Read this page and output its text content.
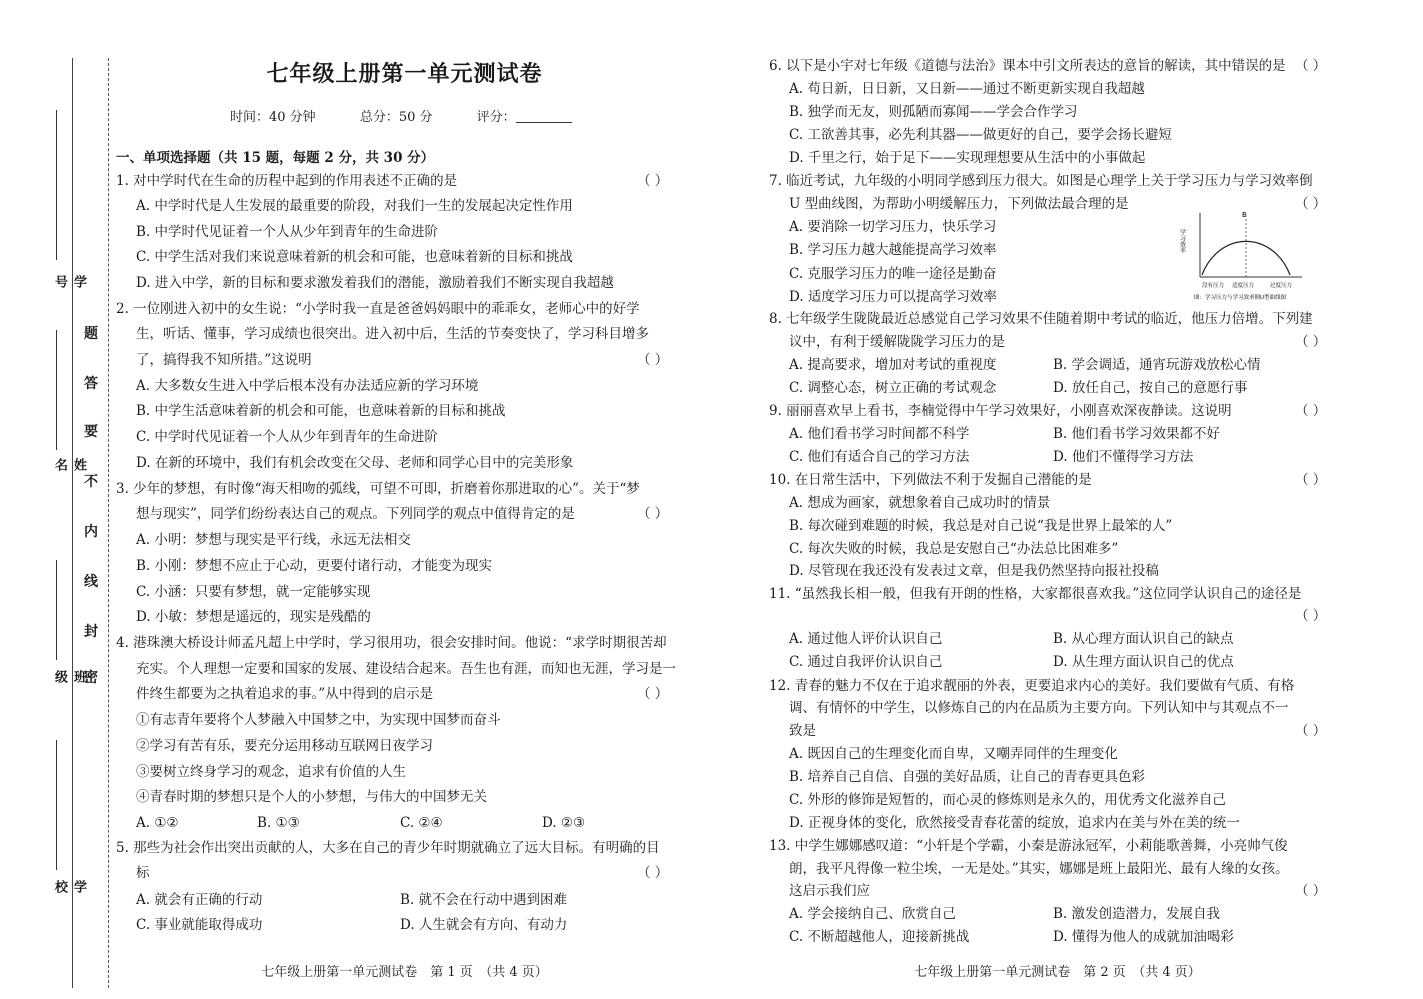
学号
姓名
班级
学校
题
答
要
不
内
线
封
密
七年级上册第一单元测试卷
时间：40 分钟	总分：50 分	评分：
一、单项选择题（共 15 题，每题 2 分，共 30 分）
1. 对中学时代在生命的历程中起到的作用表述不正确的是
A. 中学时代是人生发展的最重要的阶段，对我们一生的发展起决定性作用
B. 中学时代见证着一个人从少年到青年的生命进阶
C. 中学生活对我们来说意味着新的机会和可能，也意味着新的目标和挑战
D. 进入中学，新的目标和要求激发着我们的潜能，激励着我们不断实现自我超越
2. 一位刚进入初中的女生说：“小学时我一直是爸爸妈妈眼中的乖乖女，老师心中的好学
生，听话、懂事，学习成绩也很突出。进入初中后，生活的节奏变快了，学习科目增多
了，搞得我不知所措。”这说明
A. 大多数女生进入中学后根本没有办法适应新的学习环境
B. 中学生活意味着新的机会和可能，也意味着新的目标和挑战
C. 中学时代见证着一个人从少年到青年的生命进阶
D. 在新的环境中，我们有机会改变在父母、老师和同学心目中的完美形象
3. 少年的梦想，有时像“海天相吻的弧线，可望不可即，折磨着你那进取的心”。关于“梦
想与现实”，同学们纷纷表达自己的观点。下列同学的观点中值得肯定的是
A. 小明：梦想与现实是平行线，永远无法相交
B. 小刚：梦想不应止于心动，更要付诸行动，才能变为现实
C. 小涵：只要有梦想，就一定能够实现
D. 小敏：梦想是遥远的，现实是残酷的
4. 港珠澳大桥设计师孟凡超上中学时，学习很用功，很会安排时间。他说：“求学时期很苦却
充实。个人理想一定要和国家的发展、建设结合起来。吾生也有涯，而知也无涯，学习是一
件终生都要为之执着追求的事。”从中得到的启示是
①有志青年要将个人梦融入中国梦之中，为实现中国梦而奋斗
②学习有苦有乐，要充分运用移动互联网日夜学习
③要树立终身学习的观念，追求有价值的人生
④青春时期的梦想只是个人的小梦想，与伟大的中国梦无关
5. 那些为社会作出突出贡献的人，大多在自己的青少年时期就确立了远大目标。有明确的目
标
A. ①②	B. ①③	C. ②④	D. ②③
A. 就会有正确的行动	B. 就不会在行动中遇到困难
C. 事业就能取得成功	D. 人生就会有方向、有动力
（ ）
（ ）
（ ）
（ ）
（ ）
七年级上册第一单元测试卷　第 1 页　（共 4 页）
6. 以下是小宇对七年级《道德与法治》课本中引文所表达的意旨的解读，其中错误的是
A. 苟日新，日日新，又日新——通过不断更新实现自我超越
B. 独学而无友，则孤陋而寡闻——学会合作学习
C. 工欲善其事，必先利其器——做更好的自己，要学会扬长避短
D. 千里之行，始于足下——实现理想要从生活中的小事做起
7. 临近考试，九年级的小明同学感到压力很大。如图是心理学上关于学习压力与学习效率倒
U 型曲线图，为帮助小明缓解压力，下列做法最合理的是
A. 要消除一切学习压力，快乐学习
B. 学习压力越大越能提高学习效率
C. 克服学习压力的唯一途径是勤奋
D. 适度学习压力可以提高学习效率
8. 七年级学生陇陇最近总感觉自己学习效果不佳随着期中考试的临近，他压力倍增。下列建
议中，有利于缓解陇陇学习压力的是
9. 丽丽喜欢早上看书，李楠觉得中午学习效果好，小刚喜欢深夜静读。这说明
10. 在日常生活中，下列做法不利于发掘自己潜能的是
A. 想成为画家，就想象着自己成功时的情景
B. 每次碰到难题的时候，我总是对自己说“我是世界上最笨的人”
C. 每次失败的时候，我总是安慰自己“办法总比困难多”
D. 尽管现在我还没有发表过文章，但是我仍然坚持向报社投稿
11. “虽然我长相一般，但我有开朗的性格，大家都很喜欢我。”这位同学认识自己的途径是
12. 青春的魅力不仅在于追求靓丽的外表，更要追求内心的美好。我们要做有气质、有格
调、有情怀的中学生，以修炼自己的内在品质为主要方向。下列认知中与其观点不一
致是
A. 既因自己的生理变化而自卑，又嘲弄同伴的生理变化
B. 培养自己自信、自强的美好品质，让自己的青春更具色彩
C. 外形的修饰是短暂的，而心灵的修炼则是永久的，用优秀文化滋养自己
D. 正视身体的变化，欣然接受青春花蕾的绽放，追求内在美与外在美的统一
13. 中学生娜娜感叹道：“小轩是个学霸，小秦是游泳冠军，小莉能歌善舞，小亮帅气俊
朗，我平凡得像一粒尘埃，一无是处。”其实，娜娜是班上最阳光、最有人缘的女孩。
这启示我们应
A. 提高要求，增加对考试的重视度	B. 学会调适，通宵玩游戏放松心情
C. 调整心态，树立正确的考试观念	D. 放任自己，按自己的意愿行事
A. 他们看书学习时间都不科学	B. 他们看书学习效果都不好
C. 他们有适合自己的学习方法	D. 他们不懂得学习方法
A. 通过他人评价认识自己	B. 从心理方面认识自己的缺点
C. 通过自我评价认识自己	D. 从生理方面认识自己的优点
A. 学会接纳自己、欣赏自己	B. 激发创造潜力，发展自我
C. 不断超越他人，迎接新挑战	D. 懂得为他人的成就加油喝彩
（ ）
（ ）
（ ）
（ ）
（ ）
（ ）
（ ）
（ ）
七年级上册第一单元测试卷　第 2 页　（共 4 页）
B
学习效率
没有压力 适度压力	过度压力
图：学习压力与学习效率倒U型曲线图
